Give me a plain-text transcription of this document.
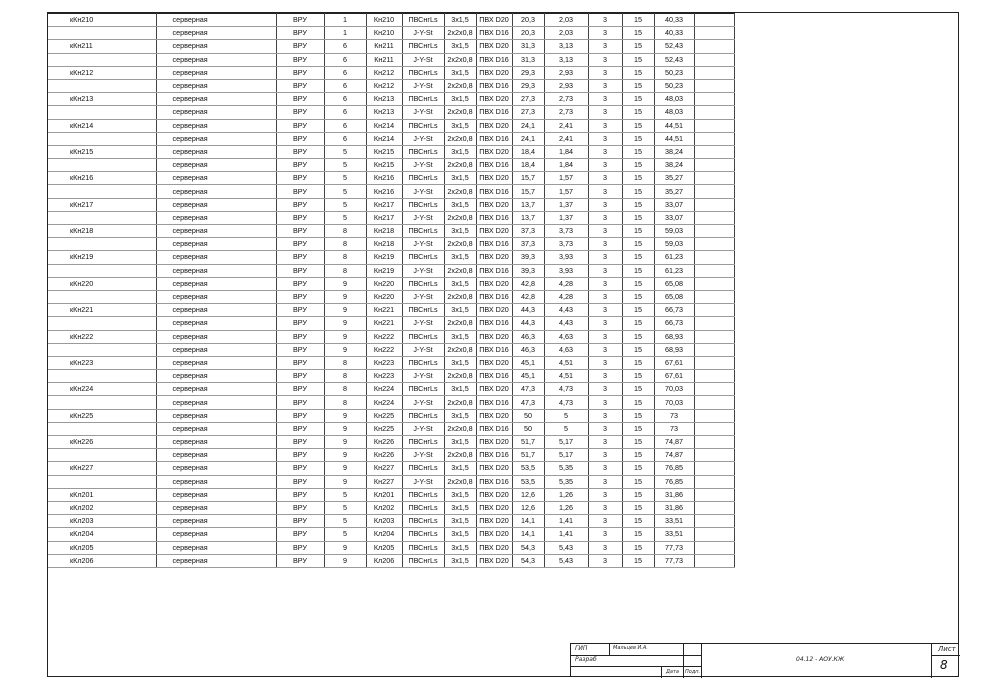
кКн210	серверная	ВРУ	1	Кн210	ПВСнгLs	3х1,5	ПВХ D20	20,3	2,03	3	15	40,33	
	серверная	ВРУ	1	Кн210	J-Y-St	2х2х0,8	ПВХ D16	20,3	2,03	3	15	40,33	
кКн211	серверная	ВРУ	6	Кн211	ПВСнгLs	3х1,5	ПВХ D20	31,3	3,13	3	15	52,43	
	серверная	ВРУ	6	Кн211	J-Y-St	2х2х0,8	ПВХ D16	31,3	3,13	3	15	52,43	
кКн212	серверная	ВРУ	6	Кн212	ПВСнгLs	3х1,5	ПВХ D20	29,3	2,93	3	15	50,23	
	серверная	ВРУ	6	Кн212	J-Y-St	2х2х0,8	ПВХ D16	29,3	2,93	3	15	50,23	
кКн213	серверная	ВРУ	6	Кн213	ПВСнгLs	3х1,5	ПВХ D20	27,3	2,73	3	15	48,03	
	серверная	ВРУ	6	Кн213	J-Y-St	2х2х0,8	ПВХ D16	27,3	2,73	3	15	48,03	
кКн214	серверная	ВРУ	6	Кн214	ПВСнгLs	3х1,5	ПВХ D20	24,1	2,41	3	15	44,51	
	серверная	ВРУ	6	Кн214	J-Y-St	2х2х0,8	ПВХ D16	24,1	2,41	3	15	44,51	
кКн215	серверная	ВРУ	5	Кн215	ПВСнгLs	3х1,5	ПВХ D20	18,4	1,84	3	15	38,24	
	серверная	ВРУ	5	Кн215	J-Y-St	2х2х0,8	ПВХ D16	18,4	1,84	3	15	38,24	
кКн216	серверная	ВРУ	5	Кн216	ПВСнгLs	3х1,5	ПВХ D20	15,7	1,57	3	15	35,27	
	серверная	ВРУ	5	Кн216	J-Y-St	2х2х0,8	ПВХ D16	15,7	1,57	3	15	35,27	
кКн217	серверная	ВРУ	5	Кн217	ПВСнгLs	3х1,5	ПВХ D20	13,7	1,37	3	15	33,07	
	серверная	ВРУ	5	Кн217	J-Y-St	2х2х0,8	ПВХ D16	13,7	1,37	3	15	33,07	
кКн218	серверная	ВРУ	8	Кн218	ПВСнгLs	3х1,5	ПВХ D20	37,3	3,73	3	15	59,03	
	серверная	ВРУ	8	Кн218	J-Y-St	2х2х0,8	ПВХ D16	37,3	3,73	3	15	59,03	
кКн219	серверная	ВРУ	8	Кн219	ПВСнгLs	3х1,5	ПВХ D20	39,3	3,93	3	15	61,23	
	серверная	ВРУ	8	Кн219	J-Y-St	2х2х0,8	ПВХ D16	39,3	3,93	3	15	61,23	
кКн220	серверная	ВРУ	9	Кн220	ПВСнгLs	3х1,5	ПВХ D20	42,8	4,28	3	15	65,08	
	серверная	ВРУ	9	Кн220	J-Y-St	2х2х0,8	ПВХ D16	42,8	4,28	3	15	65,08	
кКн221	серверная	ВРУ	9	Кн221	ПВСнгLs	3х1,5	ПВХ D20	44,3	4,43	3	15	66,73	
	серверная	ВРУ	9	Кн221	J-Y-St	2х2х0,8	ПВХ D16	44,3	4,43	3	15	66,73	
кКн222	серверная	ВРУ	9	Кн222	ПВСнгLs	3х1,5	ПВХ D20	46,3	4,63	3	15	68,93	
	серверная	ВРУ	9	Кн222	J-Y-St	2х2х0,8	ПВХ D16	46,3	4,63	3	15	68,93	
кКн223	серверная	ВРУ	8	Кн223	ПВСнгLs	3х1,5	ПВХ D20	45,1	4,51	3	15	67,61	
	серверная	ВРУ	8	Кн223	J-Y-St	2х2х0,8	ПВХ D16	45,1	4,51	3	15	67,61	
кКн224	серверная	ВРУ	8	Кн224	ПВСнгLs	3х1,5	ПВХ D20	47,3	4,73	3	15	70,03	
	серверная	ВРУ	8	Кн224	J-Y-St	2х2х0,8	ПВХ D16	47,3	4,73	3	15	70,03	
кКн225	серверная	ВРУ	9	Кн225	ПВСнгLs	3х1,5	ПВХ D20	50	5	3	15	73	
	серверная	ВРУ	9	Кн225	J-Y-St	2х2х0,8	ПВХ D16	50	5	3	15	73	
кКн226	серверная	ВРУ	9	Кн226	ПВСнгLs	3х1,5	ПВХ D20	51,7	5,17	3	15	74,87	
	серверная	ВРУ	9	Кн226	J-Y-St	2х2х0,8	ПВХ D16	51,7	5,17	3	15	74,87	
кКн227	серверная	ВРУ	9	Кн227	ПВСнгLs	3х1,5	ПВХ D20	53,5	5,35	3	15	76,85	
	серверная	ВРУ	9	Кн227	J-Y-St	2х2х0,8	ПВХ D16	53,5	5,35	3	15	76,85	
кКл201	серверная	ВРУ	5	Кл201	ПВСнгLs	3х1,5	ПВХ D20	12,6	1,26	3	15	31,86	
кКл202	серверная	ВРУ	5	Кл202	ПВСнгLs	3х1,5	ПВХ D20	12,6	1,26	3	15	31,86	
кКл203	серверная	ВРУ	5	Кл203	ПВСнгLs	3х1,5	ПВХ D20	14,1	1,41	3	15	33,51	
кКл204	серверная	ВРУ	5	Кл204	ПВСнгLs	3х1,5	ПВХ D20	14,1	1,41	3	15	33,51	
кКл205	серверная	ВРУ	9	Кл205	ПВСнгLs	3х1,5	ПВХ D20	54,3	5,43	3	15	77,73	
кКл206	серверная	ВРУ	9	Кл206	ПВСнгLs	3х1,5	ПВХ D20	54,3	5,43	3	15	77,73	
ГИП	Мальцев И.А.
Разраб
Дата Подп.
04.12 - АОУ.КЖ
Лист
8
